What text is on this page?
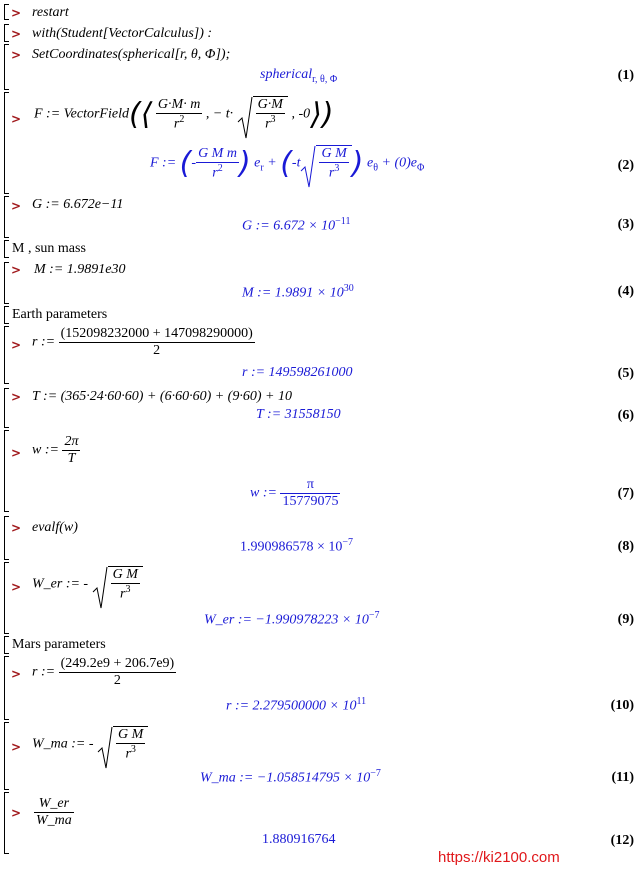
>
>
>
>
>
>
>
>
>
>
>
>
>
>
restart
with(Student[VectorCalculus]) :
SetCoordinates(spherical[r, θ, Φ]);
spherical$_{r, \theta, \Phi}$	(1)
F := VectorField(⟨ $\frac{G\cdot M\cdot m}{r^2}$ , − $t\cdot \frac{G\cdot M}{r^3}$ , -0⟩)
F := (- $\frac{\text{G M m}}{r^2}$ ) $e_r + (-t \frac{\text{G M}}{r^3}$ ) $e_\theta + (0)e_\Phi$	(2)
G := 6.672e−11
G := $6.672 \times 10^{-11}$	(3)
M , sun mass
M := 1.9891e30
M := $1.9891 \times 10^{30}$	(4)
Earth parameters
r := $\frac{(152098232000 + 147098290000)}{2}$
r := 149598261000	(5)
T := (365·24·60·60) + (6·60·60) + (9·60) + 10
T := 31558150	(6)
w := $\frac{2\pi}{T}$
w := $\frac{\pi}{15779075}$	(7)
evalf(w)
$1.990986578 \times 10^{-7}$	(8)
W_er := - $\frac{\text{G M}}{r^3}$
W_er := $-1.990978223 \times 10^{-7}$	(9)
Mars parameters
r := $\frac{(249.2e9 + 206.7e9)}{2}$
r := $2.279500000 \times 10^{11}$	(10)
W_ma := - $\frac{\text{G M}}{r^3}$
W_ma := $-1.058514795 \times 10^{-7}$	(11)
$\frac{W\_er}{W\_ma}$
1.880916764	(12)
https://ki2100.com
